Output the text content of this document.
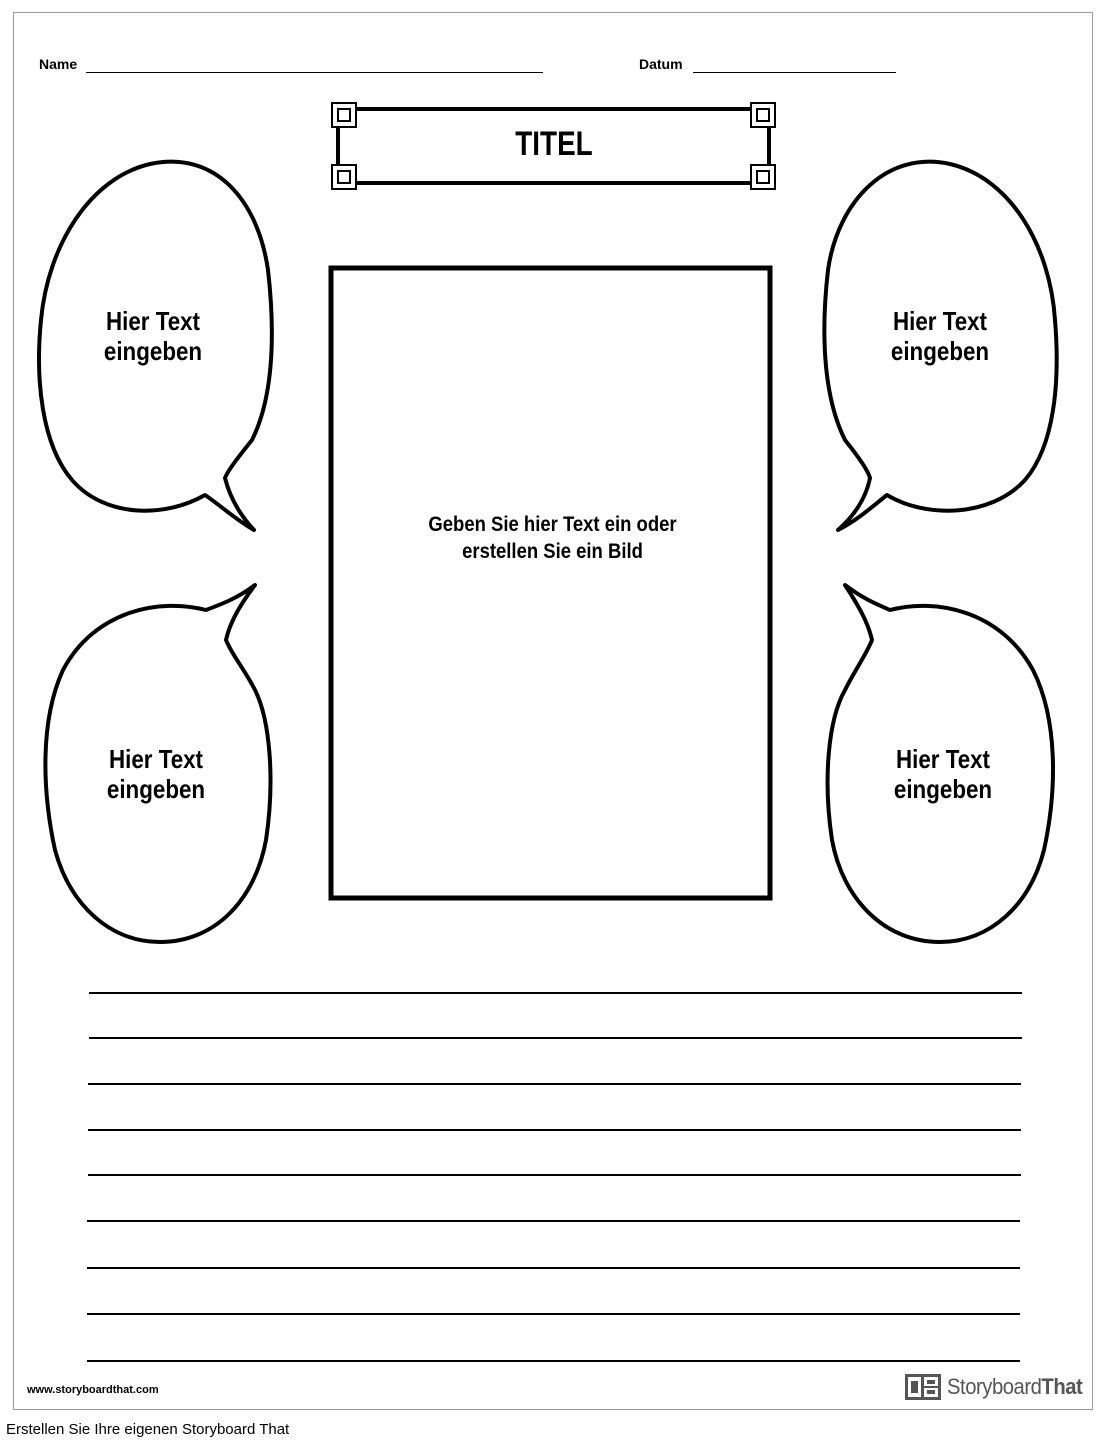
Name	Datum
TITEL
Hier Text
eingeben
Hier Text
eingeben
Hier Text
eingeben
Hier Text
eingeben
Geben Sie hier Text ein oder
erstellen Sie ein Bild
www.storyboardthat.com	StoryboardThat
Erstellen Sie Ihre eigenen Storyboard That
